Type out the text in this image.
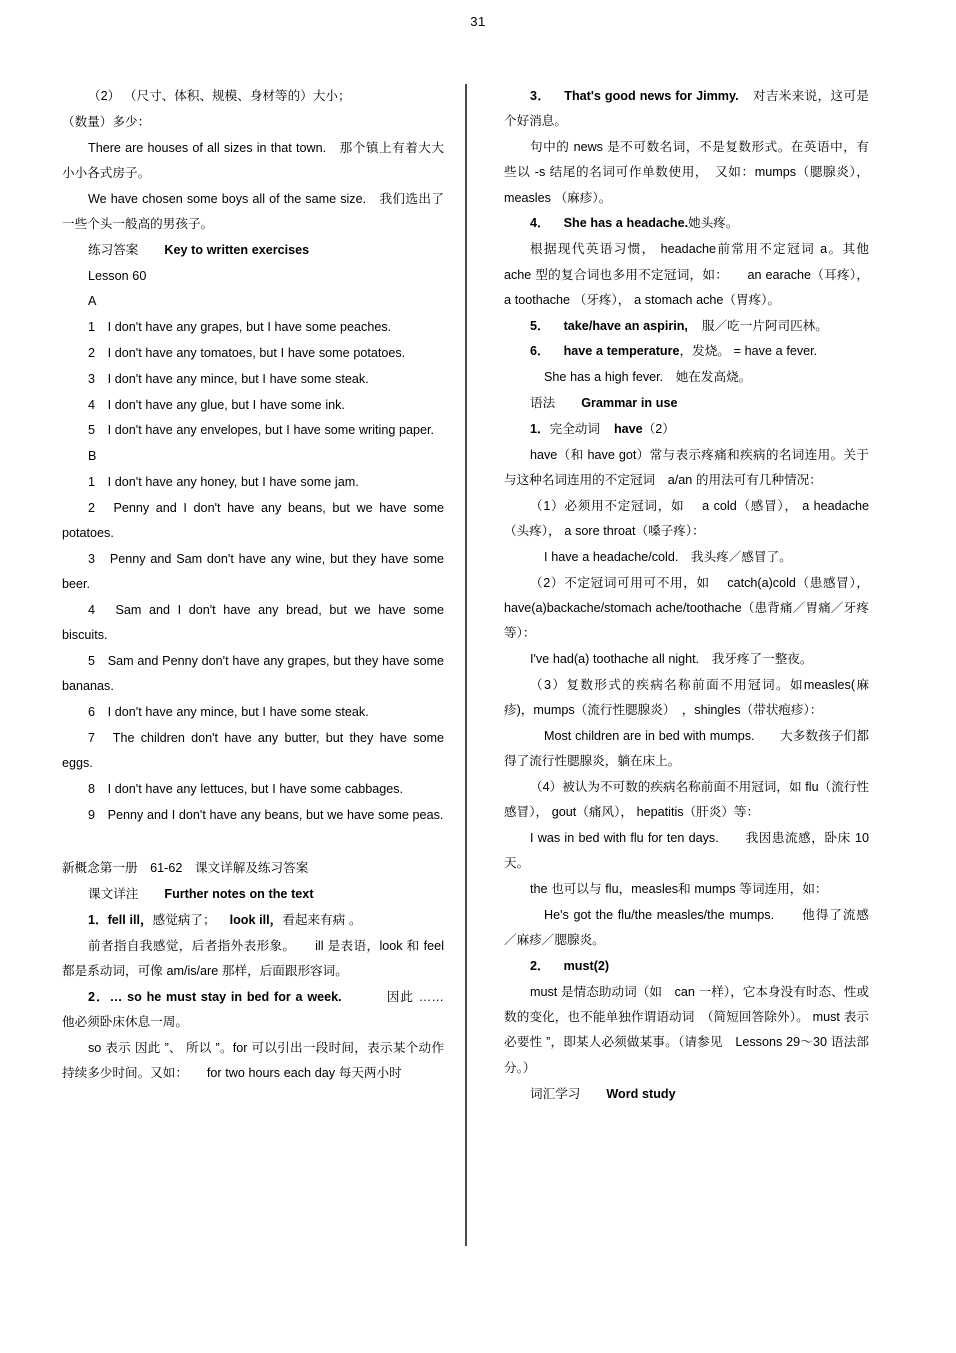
31

（2） （尺寸、体积、规模、身材等的）大小；

（数量）多少：

There are houses of all sizes in that town.　那个镇上有着大大小小各式房子。

We have chosen some boys all of the same size.　我们选出了一些个头一般高的男孩子。

练习答案 Key to written exercises

Lesson 60

A

1　I don't have any grapes, but I have some peaches.

2　I don't have any tomatoes, but I have some potatoes.

3　I don't have any mince, but I have some steak.

4　I don't have any glue, but I have some ink.

5　I don't have any envelopes, but I have some writing paper.

B

1　I don't have any honey, but I have some jam.

2　Penny and I don't have any beans, but we have some potatoes.

3　Penny and Sam don't have any wine, but they have some beer.

4　Sam and I don't have any bread, but we have some biscuits.

5　Sam and Penny don't have any grapes, but they have some bananas.

6　I don't have any mince, but I have some steak.

7　The children don't have any butter, but they have some eggs.

8　I don't have any lettuces, but I have some cabbages.

9　Penny and I don't have any beans, but we have some peas.

新概念第一册　61-62　课文详解及练习答案

课文详注 Further notes on the text

1．fell ill，感觉病了； look ill，看起来有病 。

前者指自我感觉，后者指外表形象。　　ill 是表语，look 和 feel 都是系动词，可像 am/is/are 那样，后面跟形容词。

2．… so he must stay in bed for a week.	因此 …… 他必须卧床休息一周。

so 表示 因此 ”、 所以 ”。for 可以引出一段时间，表示某个动作持续多少时间。又如：　　for two hours each day 每天两小时

3． That's good news for Jimmy. 对吉米来说，这可是个好消息。

句中的 news 是不可数名词，不是复数形式。在英语中，有些以 -s 结尾的名词可作单数使用，　又如：mumps（腮腺炎）， measles （麻疹）。

4． She has a headache.她头疼。

根据现代英语习惯， headache前常用不定冠词 a。其他 ache 型的复合词也多用不定冠词，如：　　an earache（耳疼）， a toothache （牙疼）， a stomach ache（胃疼）。

5． take/have an aspirin, 服／吃一片阿司匹林。

6． have a temperature，发烧。 = have a fever.

She has a high fever.　她在发高烧。

语法 Grammar in use

1．完全动词 have（2）

have（和 have got）常与表示疼痛和疾病的名词连用。关于与这种名词连用的不定冠词　a/an 的用法可有几种情况：

（1）必须用不定冠词，如　 a cold（感冒）， a headache（头疼）， a sore throat（嗓子疼）：

I have a headache/cold.　我头疼／感冒了。

（2）不定冠词可用可不用，如　 catch(a)cold（患感冒），have(a)backache/stomach ache/toothache（患背痛／胃痛／牙疼等）：

I've had(a) toothache all night.　我牙疼了一整夜。

（3）复数形式的疾病名称前面不用冠词。如measles(麻疹)，mumps（流行性腮腺炎）　，shingles（带状疱疹）：

Most children are in bed with mumps.　　大多数孩子们都得了流行性腮腺炎，躺在床上。

（4）被认为不可数的疾病名称前面不用冠词，如 flu（流行性感冒）， gout（痛风）， hepatitis（肝炎）等：

I was in bed with flu for ten days.　　我因患流感，卧床 10 天。

the 也可以与 flu，measles和 mumps 等词连用，如：

He's got the flu/the measles/the mumps.　　他得了流感／麻疹／腮腺炎。

2． must(2)

must 是情态助动词（如　can 一样），它本身没有时态、性或数的变化，也不能单独作谓语动词　（简短回答除外）。 must 表示 必要性 ”，即某人必须做某事。（请参见　Lessons 29～30 语法部分。）

词汇学习 Word study
